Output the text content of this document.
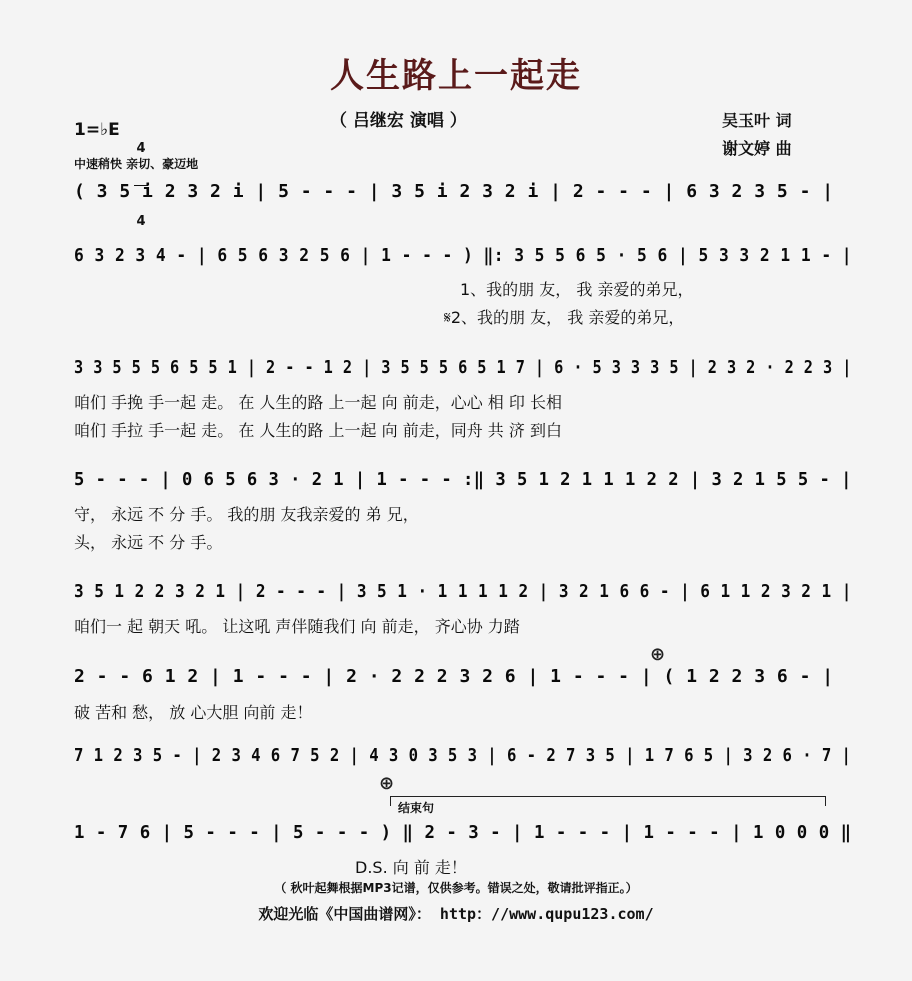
人生路上一起走
（ 吕继宏 演唱 ）	吴玉叶 词
谢文婷 曲
1=♭E

4

4

中速稍快 亲切、豪迈地
( 3 5 i 2 3 2 i | 5 - - - | 3 5 i 2 3 2 i | 2 - - - | 6 3 2 3 5 - |
6 3 2 3 4 - | 6 5 6 3 2 5 6 | 1 - - - ) ‖: 3 5 5 6 5 · 5 6 | 5 3 3 2 1 1 - |
1、我的朋 友， 我 亲爱的弟兄，
𝄋2、我的朋 友， 我 亲爱的弟兄，
3 3 5 5 5 6 5 5 1 | 2 - - 1 2 | 3 5 5 5 6 5 1 7 | 6 · 5 3 3 3 5 | 2 3 2 · 2 2 3 |
咱们 手挽 手一起 走。 在 人生的路 上一起 向 前走，心心 相 印 长相
咱们 手拉 手一起 走。 在 人生的路 上一起 向 前走，同舟 共 济 到白
5 - - - | 0 6 5 6 3 · 2 1 | 1 - - - :‖ 3 5 1 2 1 1 1 2 2 | 3 2 1 5 5 - |
守， 永远 不 分 手。 我的朋 友我亲爱的 弟 兄，
头， 永远 不 分 手。
3 5 1 2 2 3 2 1 | 2 - - - | 3 5 1 · 1 1 1 1 2 | 3 2 1 6 6 - | 6 1 1 2 3 2 1 |
咱们一 起 朝天 吼。 让这吼 声伴随我们 向 前走， 齐心协 力踏
⊕
2 - - 6 1 2 | 1 - - - | 2 · 2 2 2 3 2 6 | 1 - - - | ( 1 2 2 3 6 - |
破 苦和 愁， 放 心大胆 向前 走！
7 1 2 3 5 - | 2 3 4 6 7 5 2 | 4 3 0 3 5 3 | 6 - 2 7 3 5 | 1 7 6 5 | 3 2 6 · 7 |
⊕
结束句
1 - 7 6 | 5 - - - | 5 - - - ) ‖ 2 - 3 - | 1 - - - | 1 - - - | 1 0 0 0 ‖
D.S. 向 前 走！
（ 秋叶起舞根据MP3记谱，仅供参考。错误之处，敬请批评指正。）
欢迎光临《中国曲谱网》： http：//www.qupu123.com/
